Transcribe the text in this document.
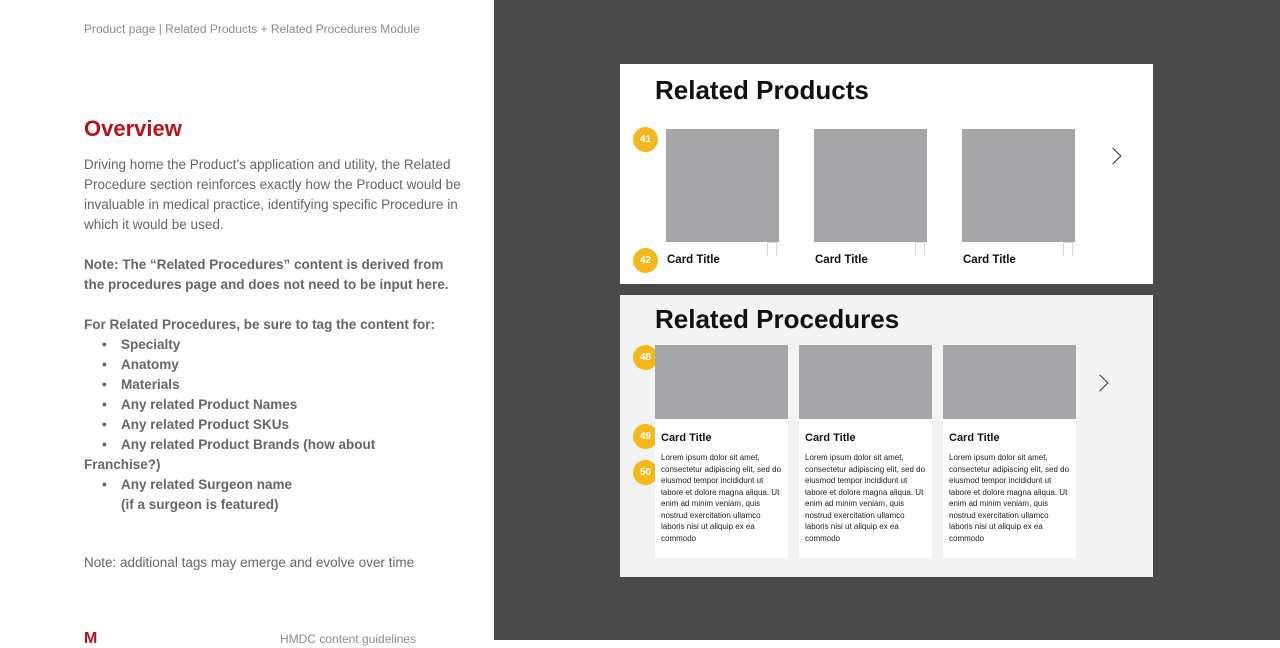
Product page | Related Products + Related Procedures Module
Overview

Driving home the Product’s application and utility, the Related Procedure section reinforces exactly how the Product would be invaluable in medical practice, identifying specific Procedure in which it would be used.

Note: The “Related Procedures” content is derived from the procedures page and does not need to be input here.

For Related Procedures, be sure to tag the content for:
• Specialty
• Anatomy
• Materials
• Any related Product Names
• Any related Product SKUs
• Any related Product Brands (how about
Franchise?)
• Any related Surgeon name
(if a surgeon is featured)
Note: additional tags may emerge and evolve over time
M	HMDC content guidelines
Related Products
41
42	Card Title	Card Title	Card Title
Related Procedures
48
49
50
Card Title
Lorem ipsum dolor sit amet, consectetur adipiscing elit, sed do eiusmod tempor incididunt ut labore et dolore magna aliqua. Ut enim ad minim veniam, quis nostrud exercitation ullamco laboris nisi ut aliquip ex ea commodo
Card Title
Lorem ipsum dolor sit amet, consectetur adipiscing elit, sed do eiusmod tempor incididunt ut labore et dolore magna aliqua. Ut enim ad minim veniam, quis nostrud exercitation ullamco laboris nisi ut aliquip ex ea commodo
Card Title
Lorem ipsum dolor sit amet, consectetur adipiscing elit, sed do eiusmod tempor incididunt ut labore et dolore magna aliqua. Ut enim ad minim veniam, quis nostrud exercitation ullamco laboris nisi ut aliquip ex ea commodo
